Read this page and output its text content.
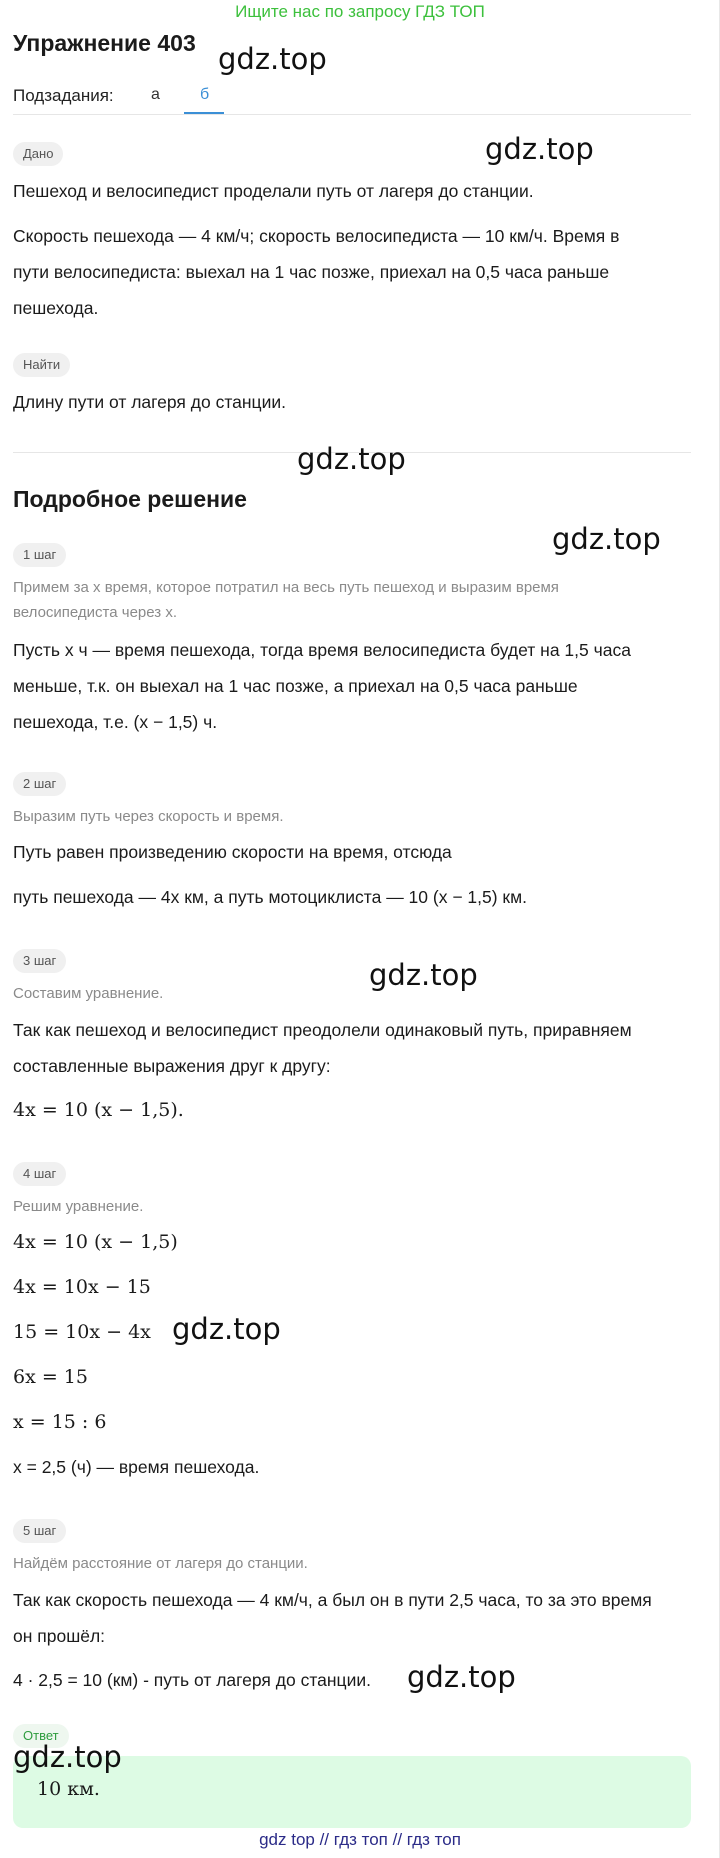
Ищите нас по запросу ГДЗ ТОП
Упражнение 403
Подзадания: а	б
Дано
Пешеход и велосипедист проделали путь от лагеря до станции.
Скорость пешехода — 4 км/ч; скорость велосипедиста — 10 км/ч. Время в
пути велосипедиста: выехал на 1 час позже, приехал на 0,5 часа раньше
пешехода.
Найти
Длину пути от лагеря до станции.
Подробное решение
1 шаг
Примем за x время, которое потратил на весь путь пешеход и выразим время
велосипедиста через x.
Пусть x ч — время пешехода, тогда время велосипедиста будет на 1,5 часа
меньше, т.к. он выехал на 1 час позже, а приехал на 0,5 часа раньше
пешехода, т.е. (x − 1,5) ч.
2 шаг
Выразим путь через скорость и время.
Путь равен произведению скорости на время, отсюда
путь пешехода — 4x км, а путь мотоциклиста — 10 (x − 1,5) км.
3 шаг
Составим уравнение.
Так как пешеход и велосипедист преодолели одинаковый путь, приравняем
составленные выражения друг к другу:
4x = 10 (x − 1,5).
4 шаг
Решим уравнение.
4x = 10 (x − 1,5)
4x = 10x − 15
15 = 10x − 4x
6x = 15
x = 15 : 6
x = 2,5 (ч) — время пешехода.
5 шаг
Найдём расстояние от лагеря до станции.
Так как скорость пешехода — 4 км/ч, а был он в пути 2,5 часа, то за это время
он прошёл:
4 · 2,5 = 10 (км) - путь от лагеря до станции.
Ответ
10 км.
gdz.top
gdz.top
gdz.top
gdz.top
gdz.top
gdz.top
gdz.top
gdz.top
gdz top // гдз топ // гдз топ
